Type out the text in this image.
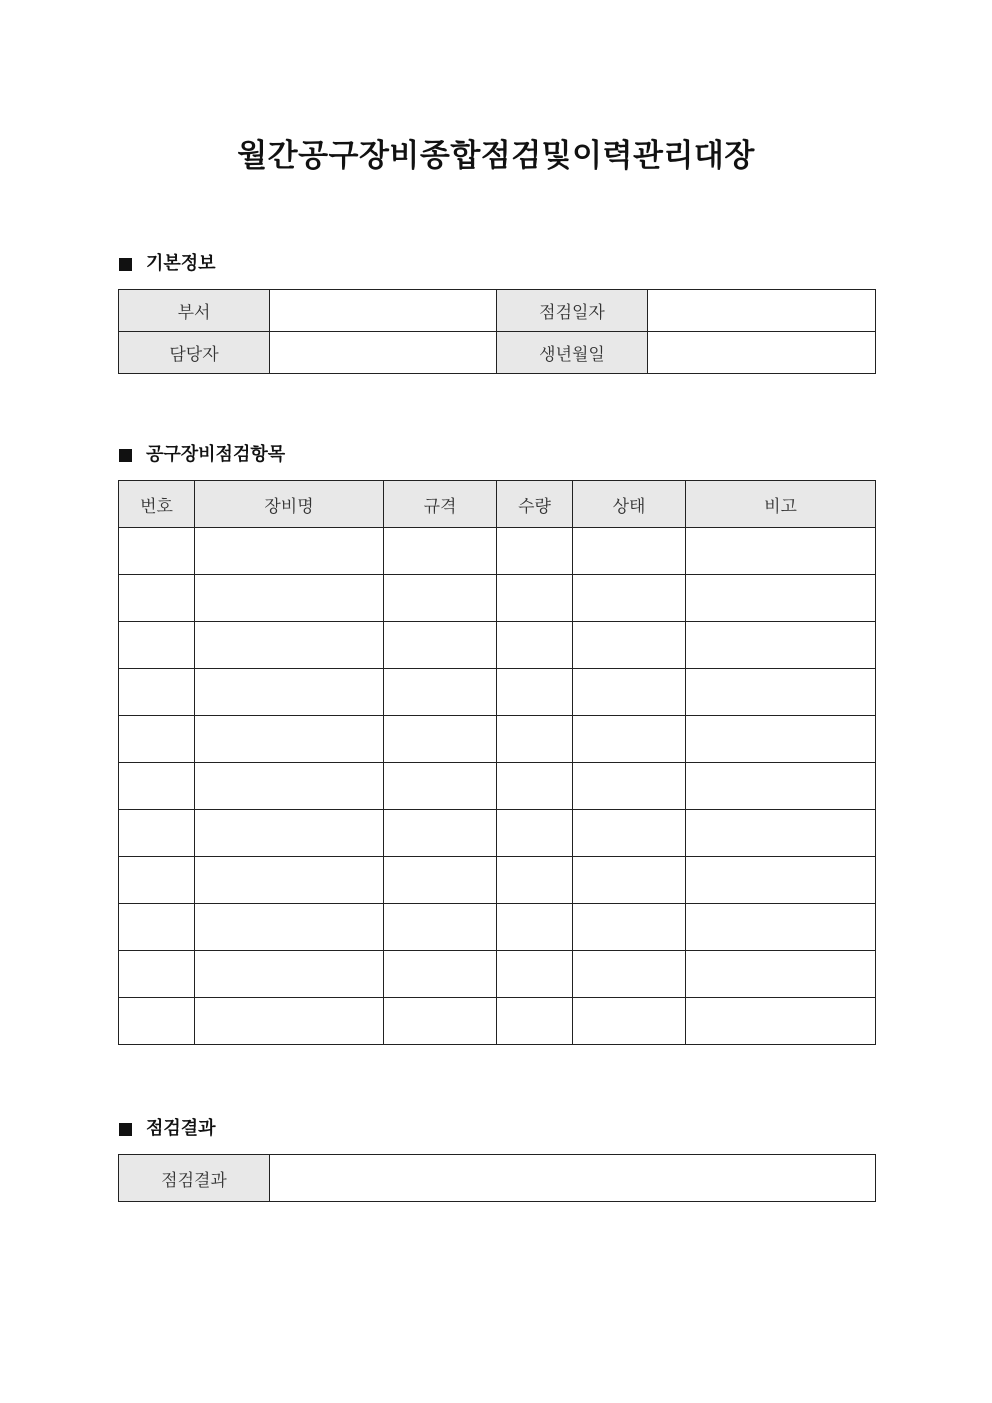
월간공구장비종합점검및이력관리대장
기본정보
부서		점검일자	
담당자		생년월일	
공구장비점검항목
번호	장비명	규격	수량	상태	비고

점검결과
점검결과	
